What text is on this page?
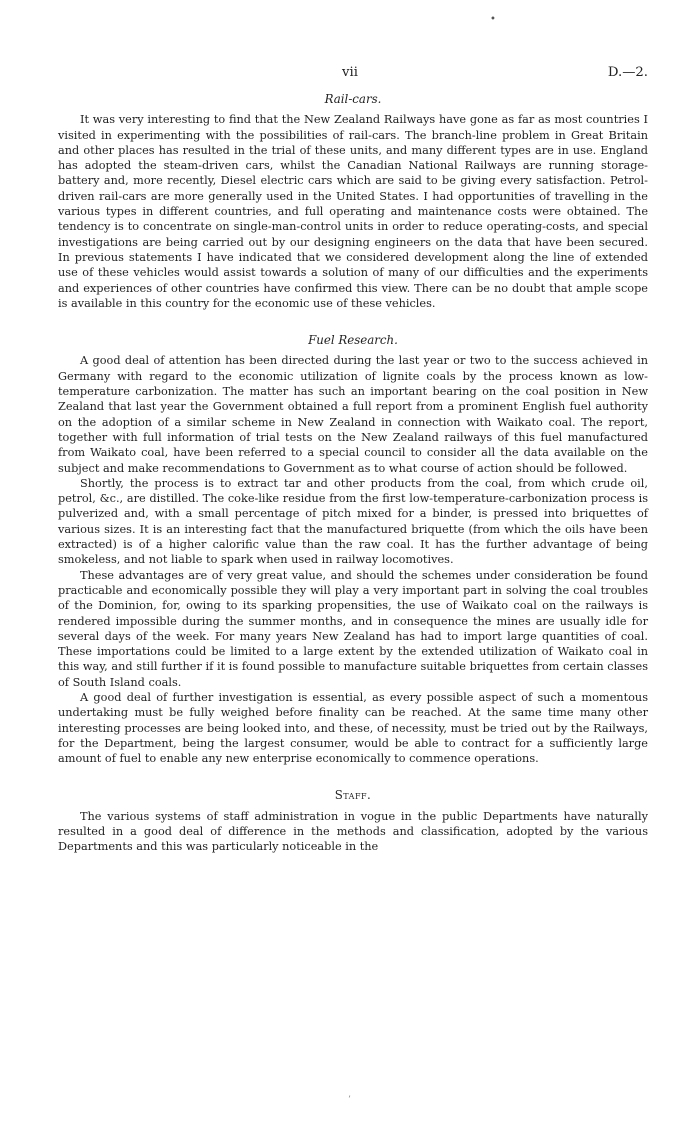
•
vii	D.—2.
Rail-cars.

It was very interesting to find that the New Zealand Railways have gone as far as most countries I visited in experimenting with the possibilities of rail-cars. The branch-line problem in Great Britain and other places has resulted in the trial of these units, and many different types are in use. England has adopted the steam-driven cars, whilst the Canadian National Railways are running storage-battery and, more recently, Diesel electric cars which are said to be giving every satisfaction. Petrol-driven rail-cars are more generally used in the United States. I had opportunities of travelling in the various types in different countries, and full operating and maintenance costs were obtained. The tendency is to concentrate on single-man-control units in order to reduce operating-costs, and special investigations are being carried out by our designing engineers on the data that have been secured. In previous statements I have indicated that we considered development along the line of extended use of these vehicles would assist towards a solution of many of our difficulties and the experiments and experiences of other countries have confirmed this view. There can be no doubt that ample scope is available in this country for the economic use of these vehicles.

Fuel Research.

A good deal of attention has been directed during the last year or two to the success achieved in Germany with regard to the economic utilization of lignite coals by the process known as low-temperature carbonization. The matter has such an important bearing on the coal position in New Zealand that last year the Government obtained a full report from a prominent English fuel authority on the adoption of a similar scheme in New Zealand in connection with Waikato coal. The report, together with full information of trial tests on the New Zealand railways of this fuel manufactured from Waikato coal, have been referred to a special council to consider all the data available on the subject and make recommendations to Government as to what course of action should be followed.

Shortly, the process is to extract tar and other products from the coal, from which crude oil, petrol, &c., are distilled. The coke-like residue from the first low-temperature-carbonization process is pulverized and, with a small percentage of pitch mixed for a binder, is pressed into briquettes of various sizes. It is an interesting fact that the manufactured briquette (from which the oils have been extracted) is of a higher calorific value than the raw coal. It has the further advantage of being smokeless, and not liable to spark when used in railway locomotives.

These advantages are of very great value, and should the schemes under consideration be found practicable and economically possible they will play a very important part in solving the coal troubles of the Dominion, for, owing to its sparking propensities, the use of Waikato coal on the railways is rendered impossible during the summer months, and in consequence the mines are usually idle for several days of the week. For many years New Zealand has had to import large quantities of coal. These importations could be limited to a large extent by the extended utilization of Waikato coal in this way, and still further if it is found possible to manufacture suitable briquettes from certain classes of South Island coals.

A good deal of further investigation is essential, as every possible aspect of such a momentous undertaking must be fully weighed before finality can be reached. At the same time many other interesting processes are being looked into, and these, of necessity, must be tried out by the Railways, for the Department, being the largest consumer, would be able to contract for a sufficiently large amount of fuel to enable any new enterprise economically to commence operations.

Staff.

The various systems of staff administration in vogue in the public Departments have naturally resulted in a good deal of difference in the methods and classification, adopted by the various Departments and this was particularly noticeable in the

ʼ
